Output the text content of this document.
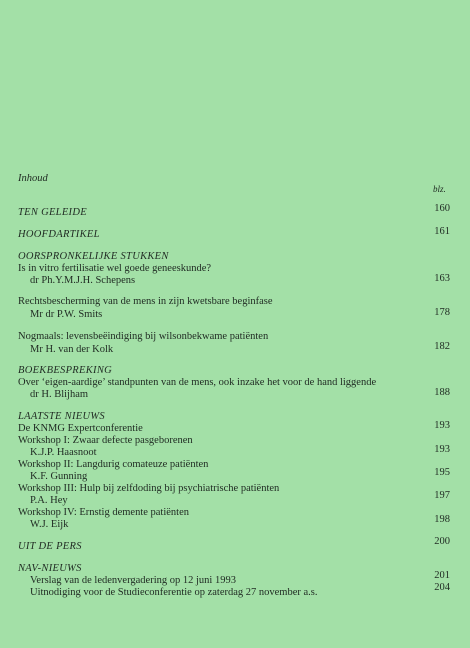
Inhoud
blz.
TEN GELEIDE	160
HOOFDARTIKEL	161
OORSPRONKELIJKE STUKKEN
Is in vitro fertilisatie wel goede geneeskunde?
dr Ph.Y.M.J.H. Schepens	163
Rechtsbescherming van de mens in zijn kwetsbare beginfase
Mr dr P.W. Smits	178
Nogmaals: levensbeëindiging bij wilsonbekwame patiënten
Mr H. van der Kolk	182
BOEKBESPREKING
Over ‘eigen-aardige’ standpunten van de mens, ook inzake het voor de hand liggende
dr H. Blijham	188
LAATSTE NIEUWS
De KNMG Expertconferentie	193
Workshop I: Zwaar defecte pasgeborenen
K.J.P. Haasnoot	193
Workshop II: Langdurig comateuze patiënten
K.F. Gunning	195
Workshop III: Hulp bij zelfdoding bij psychiatrische patiënten
P.A. Hey	197
Workshop IV: Ernstig demente patiënten
W.J. Eijk	198
UIT DE PERS	200
NAV-NIEUWS
Verslag van de ledenvergadering op 12 juni 1993	201
Uitnodiging voor de Studieconferentie op zaterdag 27 november a.s.	204
